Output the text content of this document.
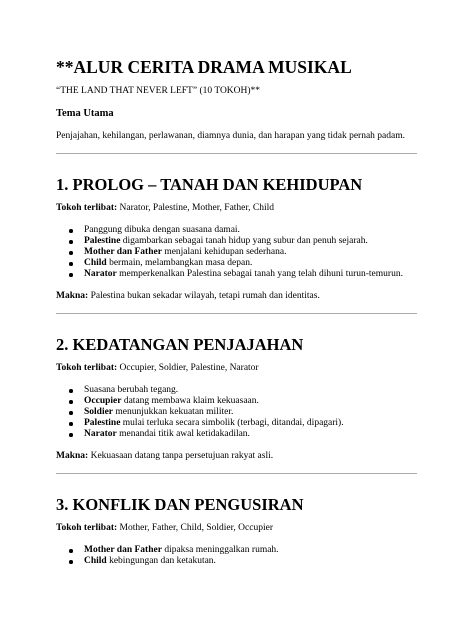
**ALUR CERITA DRAMA MUSIKAL
“THE LAND THAT NEVER LEFT” (10 TOKOH)**
Tema Utama
Penjajahan, kehilangan, perlawanan, diamnya dunia, dan harapan yang tidak pernah padam.
1. PROLOG – TANAH DAN KEHIDUPAN
Tokoh terlibat: Narator, Palestine, Mother, Father, Child
Panggung dibuka dengan suasana damai.
Palestine digambarkan sebagai tanah hidup yang subur dan penuh sejarah.
Mother dan Father menjalani kehidupan sederhana.
Child bermain, melambangkan masa depan.
Narator memperkenalkan Palestina sebagai tanah yang telah dihuni turun-temurun.
Makna: Palestina bukan sekadar wilayah, tetapi rumah dan identitas.
2. KEDATANGAN PENJAJAHAN
Tokoh terlibat: Occupier, Soldier, Palestine, Narator
Suasana berubah tegang.
Occupier datang membawa klaim kekuasaan.
Soldier menunjukkan kekuatan militer.
Palestine mulai terluka secara simbolik (terbagi, ditandai, dipagari).
Narator menandai titik awal ketidakadilan.
Makna: Kekuasaan datang tanpa persetujuan rakyat asli.
3. KONFLIK DAN PENGUSIRAN
Tokoh terlibat: Mother, Father, Child, Soldier, Occupier
Mother dan Father dipaksa meninggalkan rumah.
Child kebingungan dan ketakutan.
